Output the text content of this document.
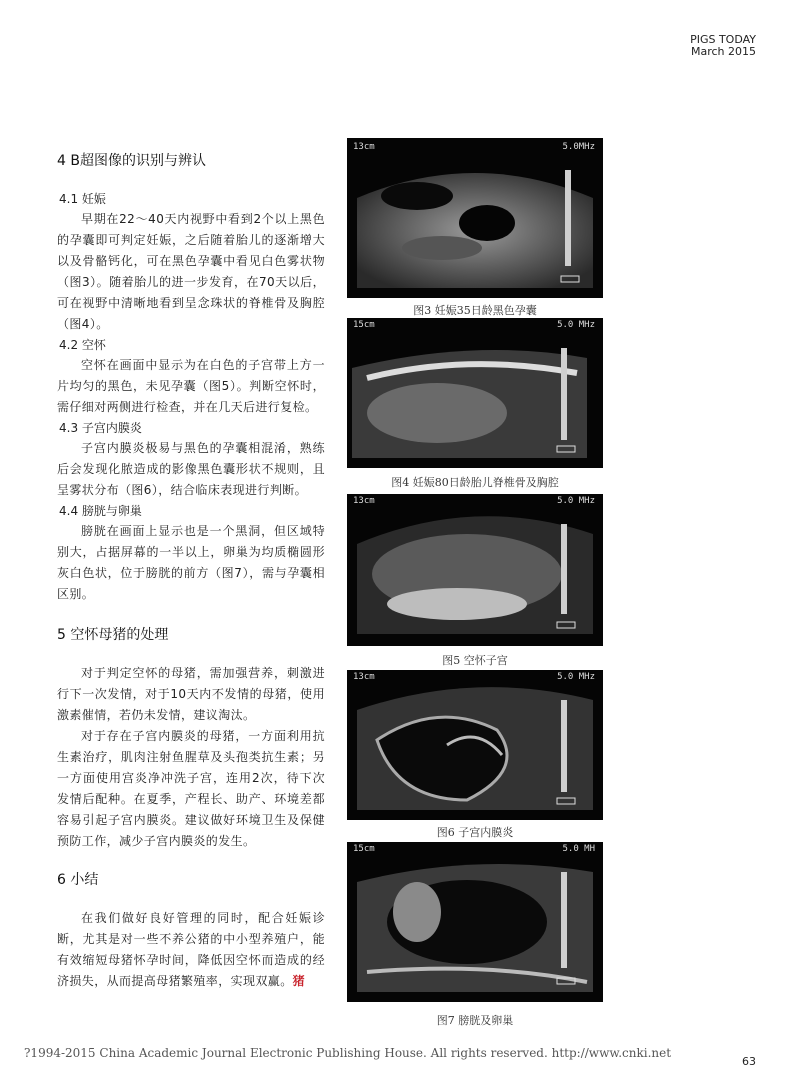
PIGS TODAY
March 2015
4 B超图像的识别与辨认
4.1 妊娠

早期在22～40天内视野中看到2个以上黑色的孕囊即可判定妊娠，之后随着胎儿的逐渐增大以及骨骼钙化，可在黑色孕囊中看见白色雾状物（图3）。随着胎儿的进一步发育，在70天以后，可在视野中清晰地看到呈念珠状的脊椎骨及胸腔（图4）。

4.2 空怀

空怀在画面中显示为在白色的子宫带上方一片均匀的黑色，未见孕囊（图5）。判断空怀时，需仔细对两侧进行检查，并在几天后进行复检。

4.3 子宫内膜炎

子宫内膜炎极易与黑色的孕囊相混淆，熟练后会发现化脓造成的影像黑色囊形状不规则，且呈雾状分布（图6），结合临床表现进行判断。

4.4 膀胱与卵巢

膀胱在画面上显示也是一个黑洞，但区域特别大，占据屏幕的一半以上，卵巢为均质椭圆形灰白色状，位于膀胱的前方（图7），需与孕囊相区别。

5 空怀母猪的处理

对于判定空怀的母猪，需加强营养，刺激进行下一次发情，对于10天内不发情的母猪，使用激素催情，若仍未发情，建议淘汰。

对于存在子宫内膜炎的母猪，一方面利用抗生素治疗，肌肉注射鱼腥草及头孢类抗生素；另一方面使用宫炎净冲洗子宫，连用2次，待下次发情后配种。在夏季，产程长、助产、环境差都容易引起子宫内膜炎。建议做好环境卫生及保健预防工作，减少子宫内膜炎的发生。

6 小结

在我们做好良好管理的同时，配合妊娠诊断，尤其是对一些不养公猪的中小型养殖户，能有效缩短母猪怀孕时间，降低因空怀而造成的经济损失，从而提高母猪繁殖率，实现双赢。猪

13cm	5.0MHz
图3 妊娠35日龄黑色孕囊
15cm	5.0 MHz
图4 妊娠80日龄胎儿脊椎骨及胸腔
13cm	5.0 MHz
图5 空怀子宫
13cm	5.0 MHz
图6 子宫内膜炎
15cm	5.0 MH
图7 膀胱及卵巢
?1994-2015 China Academic Journal Electronic Publishing House. All rights reserved. http://www.cnki.net
63
